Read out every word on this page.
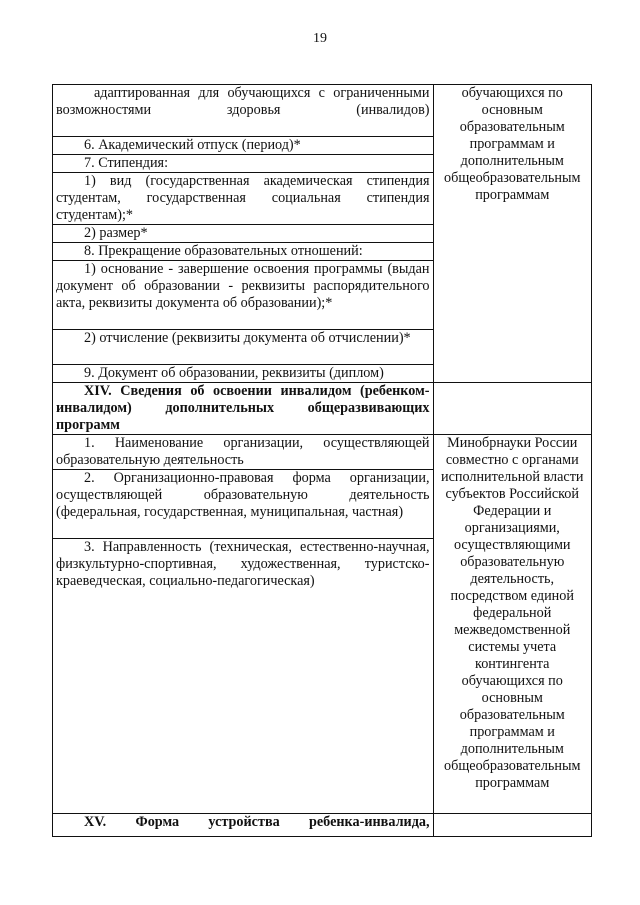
19
адаптированная для обучающихся с ограниченными возможностями здоровья (инвалидов)	обучающихся по основным образовательным программам и дополнительным общеобразовательным программам
6. Академический отпуск (период)*	
7. Стипендия:	
1) вид (государственная академическая стипендия студентам, государственная социальная стипендия студентам);*	
2) размер*	
8. Прекращение образовательных отношений:	
1) основание - завершение освоения программы (выдан документ об образовании - реквизиты распорядительного акта, реквизиты документа об образовании);*	
2) отчисление (реквизиты документа об отчислении)*	
9. Документ об образовании, реквизиты (диплом)	
XIV. Сведения об освоении инвалидом (ребенком-инвалидом) дополнительных общеразвивающих программ	
1. Наименование организации, осуществляющей образовательную деятельность	Минобрнауки России совместно с органами исполнительной власти субъектов Российской Федерации и организациями, осуществляющими образовательную деятельность, посредством единой федеральной межведомственной системы учета контингента обучающихся по основным образовательным программам и дополнительным общеобразовательным программам
2. Организационно-правовая форма организации, осуществляющей образовательную деятельность (федеральная, государственная, муниципальная, частная)	
3. Направленность (техническая, естественно-научная, физкультурно-спортивная, художественная, туристско-краеведческая, социально-педагогическая)	
XV. Форма устройства ребенка-инвалида,	
